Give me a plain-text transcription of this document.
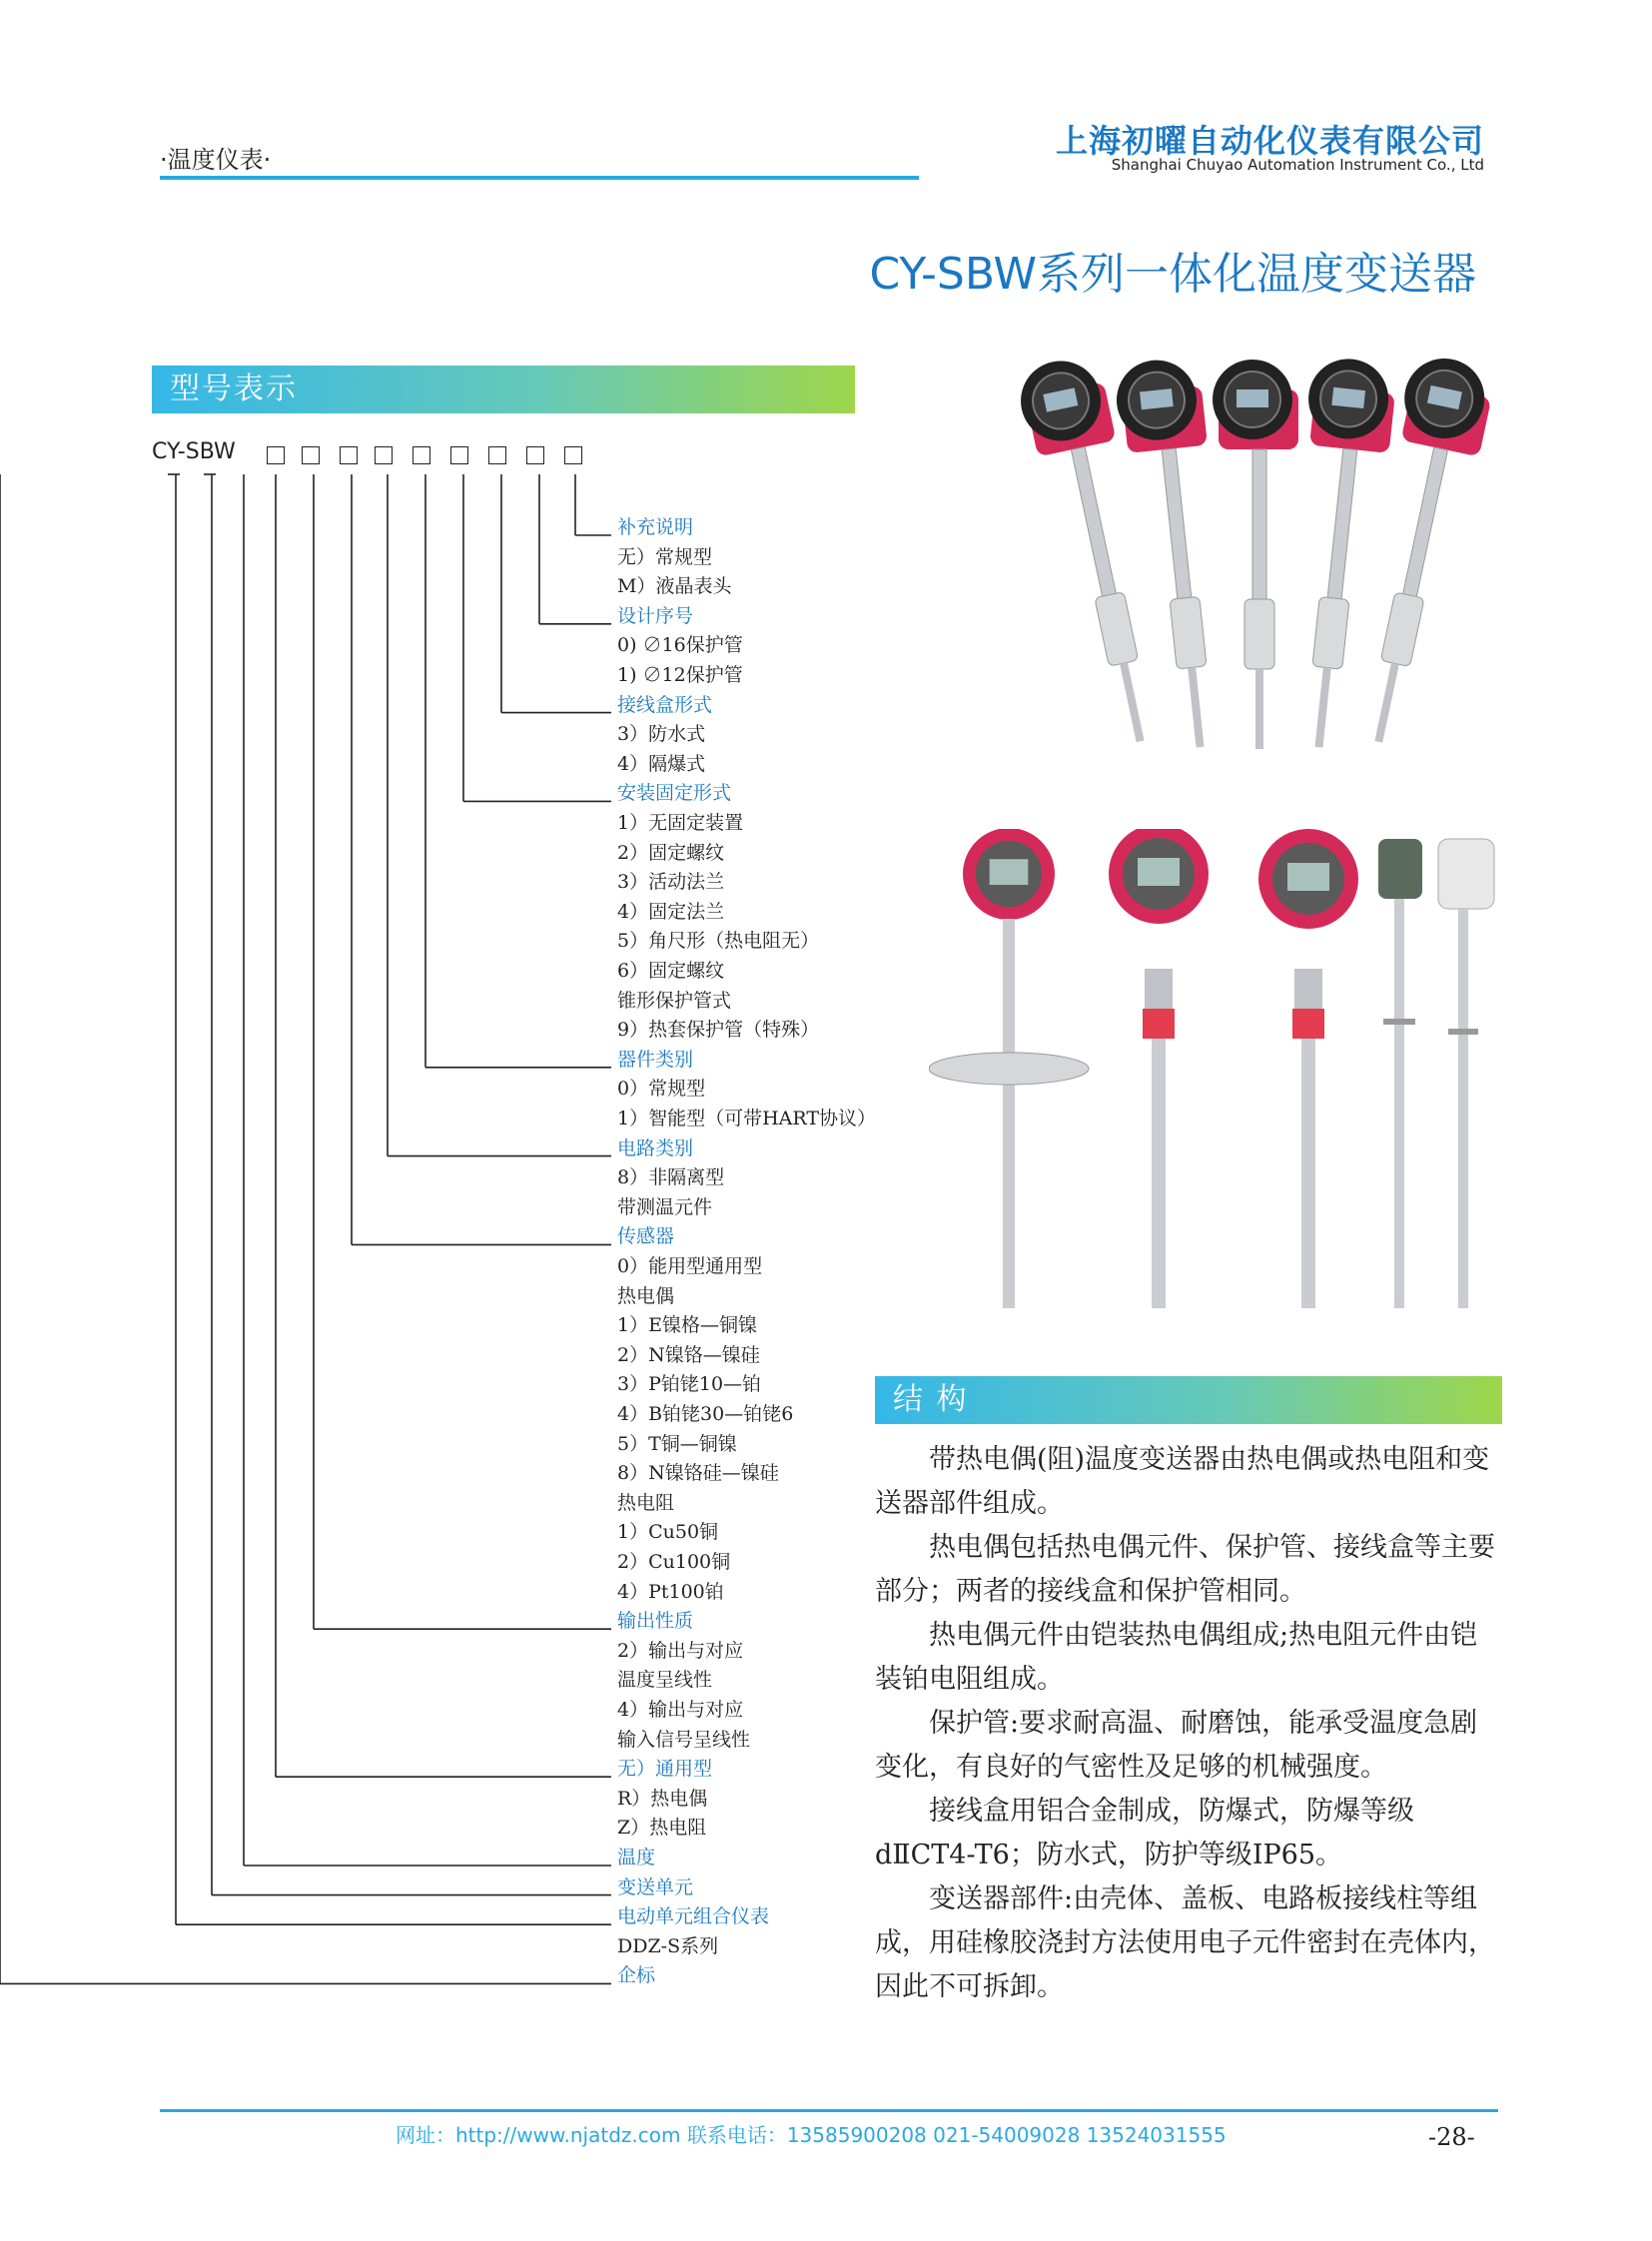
·温度仪表·	上海初曜自动化仪表有限公司
Shanghai Chuyao Automation Instrument Co., Ltd
CY-SBW系列一体化温度变送器
型号表示
CY-SBW
补充说明
无）常规型
M）液晶表头
设计序号
0) ∅16保护管
1) ∅12保护管
接线盒形式
3）防水式
4）隔爆式
安装固定形式
1）无固定装置
2）固定螺纹
3）活动法兰
4）固定法兰
5）角尺形（热电阻无）
6）固定螺纹
锥形保护管式
9）热套保护管（特殊）
器件类别
0）常规型
1）智能型（可带HART协议）
电路类别
8）非隔离型
带测温元件
传感器
0）能用型通用型
热电偶
1）E镍格—铜镍
2）N镍铬—镍硅
3）P铂铑10—铂
4）B铂铑30—铂铑6
5）T铜—铜镍
8）N镍铬硅—镍硅
热电阻
1）Cu50铜
2）Cu100铜
4）Pt100铂
输出性质
2）输出与对应
温度呈线性
4）输出与对应
输入信号呈线性
无）通用型
R）热电偶
Z）热电阻
温度
变送单元
电动单元组合仪表
DDZ-S系列
企标
结 构

带热电偶(阻)温度变送器由热电偶或热电阻和变送器部件组成。

热电偶包括热电偶元件、保护管、接线盒等主要部分；两者的接线盒和保护管相同。

热电偶元件由铠装热电偶组成;热电阻元件由铠装铂电阻组成。

保护管:要求耐高温、耐磨蚀，能承受温度急剧变化，有良好的气密性及足够的机械强度。

接线盒用铝合金制成，防爆式，防爆等级dⅡCT4-T6；防水式，防护等级IP65。

变送器部件:由壳体、盖板、电路板接线柱等组成，用硅橡胶浇封方法使用电子元件密封在壳体内，因此不可拆卸。

网址：http://www.njatdz.com 联系电话：13585900208 021-54009028 13524031555	-28-
